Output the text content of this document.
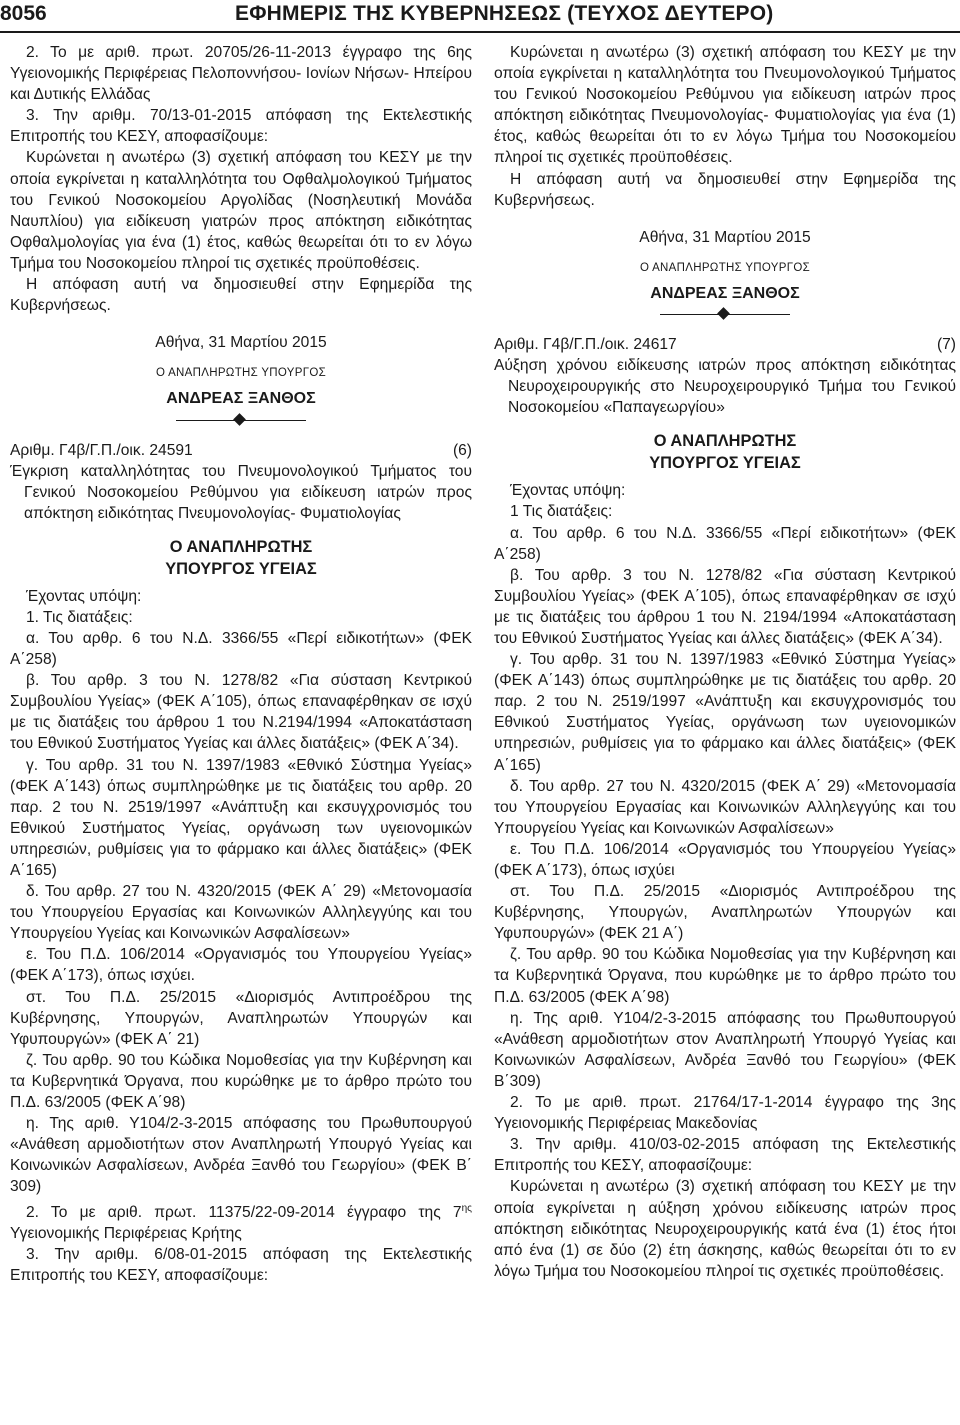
8056	ΕΦΗΜΕΡΙΣ ΤΗΣ ΚΥΒΕΡΝΗΣΕΩΣ (ΤΕΥΧΟΣ ΔΕΥΤΕΡΟ)

2. Το με αριθ. πρωτ. 20705/26-11-2013 έγγραφο της 6ης Υγειονομικής Περιφέρειας Πελοποννήσου- Ιονίων Νήσων- Ηπείρου και Δυτικής Ελλάδας

3. Την αριθμ. 70/13-01-2015 απόφαση της Εκτελεστικής Επιτροπής του ΚΕΣΥ, αποφασίζουμε:

Κυρώνεται η ανωτέρω (3) σχετική απόφαση του ΚΕΣΥ με την οποία εγκρίνεται η καταλληλότητα του Οφθαλμολογικού Τμήματος του Γενικού Νοσοκομείου Αργολίδας (Νοσηλευτική Μονάδα Ναυπλίου) για ειδίκευση γιατρών προς απόκτηση ειδικότητας Οφθαλμολογίας για ένα (1) έτος, καθώς θεωρείται ότι το εν λόγω Τμήμα του Νοσοκομείου πληροί τις σχετικές προϋποθέσεις.

Η απόφαση αυτή να δημοσιευθεί στην Εφημερίδα της Κυβερνήσεως.

Αθήνα, 31 Μαρτίου 2015

Ο ΑΝΑΠΛΗΡΩΤΗΣ ΥΠΟΥΡΓΟΣ

ΑΝΔΡΕΑΣ ΞΑΝΘΟΣ

Αριθμ. Γ4β/Γ.Π./οικ. 24591	(6)

Έγκριση καταλληλότητας του Πνευμονολογικού Τμήματος του Γενικού Νοσοκομείου Ρεθύμνου για ειδίκευση ιατρών προς απόκτηση ειδικότητας Πνευμονολογίας- Φυματιολογίας

Ο ΑΝΑΠΛΗΡΩΤΗΣ
ΥΠΟΥΡΓΟΣ ΥΓΕΙΑΣ

Έχοντας υπόψη:

1. Τις διατάξεις:

α. Του αρθρ. 6 του Ν.Δ. 3366/55 «Περί ειδικοτήτων» (ΦΕΚ Α΄258)

β. Του αρθρ. 3 του Ν. 1278/82 «Για σύσταση Κεντρικού Συμβουλίου Υγείας» (ΦΕΚ Α΄105), όπως επαναφέρθηκαν σε ισχύ με τις διατάξεις του άρθρου 1 του Ν.2194/1994 «Αποκατάσταση του Εθνικού Συστήματος Υγείας και άλλες διατάξεις» (ΦΕΚ Α΄34).

γ. Του αρθρ. 31 του Ν. 1397/1983 «Εθνικό Σύστημα Υγείας» (ΦΕΚ Α΄143) όπως συμπληρώθηκε με τις διατάξεις του αρθρ. 20 παρ. 2 του Ν. 2519/1997 «Ανάπτυξη και εκσυγχρονισμός του Εθνικού Συστήματος Υγείας, οργάνωση των υγειονομικών υπηρεσιών, ρυθμίσεις για το φάρμακο και άλλες διατάξεις» (ΦΕΚ Α΄165)

δ. Του αρθρ. 27 του Ν. 4320/2015 (ΦΕΚ Α΄ 29) «Μετονομασία του Υπουργείου Εργασίας και Κοινωνικών Αλληλεγγύης και του Υπουργείου Υγείας και Κοινωνικών Ασφαλίσεων»

ε. Του Π.Δ. 106/2014 «Οργανισμός του Υπουργείου Υγείας» (ΦΕΚ Α΄173), όπως ισχύει.

στ. Του Π.Δ. 25/2015 «Διορισμός Αντιπροέδρου της Κυβέρνησης, Υπουργών, Αναπληρωτών Υπουργών και Υφυπουργών» (ΦΕΚ Α΄ 21)

ζ. Του αρθρ. 90 του Κώδικα Νομοθεσίας για την Κυβέρνηση και τα Κυβερνητικά Όργανα, που κυρώθηκε με το άρθρο πρώτο του Π.Δ. 63/2005 (ΦΕΚ Α΄98)

η. Της αριθ. Υ104/2-3-2015 απόφασης του Πρωθυπουργού «Ανάθεση αρμοδιοτήτων στον Αναπληρωτή Υπουργό Υγείας και Κοινωνικών Ασφαλίσεων, Ανδρέα Ξανθό του Γεωργίου» (ΦΕΚ Β΄ 309)

2. Το με αριθ. πρωτ. 11375/22-09-2014 έγγραφο της $7^{\eta\varsigma}$ Υγειονομικής Περιφέρειας Κρήτης

3. Την αριθμ. 6/08-01-2015 απόφαση της Εκτελεστικής Επιτροπής του ΚΕΣΥ, αποφασίζουμε:

Κυρώνεται η ανωτέρω (3) σχετική απόφαση του ΚΕΣΥ με την οποία εγκρίνεται η καταλληλότητα του Πνευμονολογικού Τμήματος του Γενικού Νοσοκομείου Ρεθύμνου για ειδίκευση ιατρών προς απόκτηση ειδικότητας Πνευμονολογίας- Φυματιολογίας για ένα (1) έτος, καθώς θεωρείται ότι το εν λόγω Τμήμα του Νοσοκομείου πληροί τις σχετικές προϋποθέσεις.

Η απόφαση αυτή να δημοσιευθεί στην Εφημερίδα της Κυβερνήσεως.

Αθήνα, 31 Μαρτίου 2015

Ο ΑΝΑΠΛΗΡΩΤΗΣ ΥΠΟΥΡΓΟΣ

ΑΝΔΡΕΑΣ ΞΑΝΘΟΣ

Αριθμ. Γ4β/Γ.Π./οικ. 24617	(7)

Αύξηση χρόνου ειδίκευσης ιατρών προς απόκτηση ειδικότητας Νευροχειρουργικής στο Νευροχειρουργικό Τμήμα του Γενικού Νοσοκομείου «Παπαγεωργίου»

Ο ΑΝΑΠΛΗΡΩΤΗΣ
ΥΠΟΥΡΓΟΣ ΥΓΕΙΑΣ

Έχοντας υπόψη:

1 Τις διατάξεις:

α. Του αρθρ. 6 του Ν.Δ. 3366/55 «Περί ειδικοτήτων» (ΦΕΚ Α΄258)

β. Του αρθρ. 3 του Ν. 1278/82 «Για σύσταση Κεντρικού Συμβουλίου Υγείας» (ΦΕΚ Α΄105), όπως επαναφέρθηκαν σε ισχύ με τις διατάξεις του άρθρου 1 του Ν. 2194/1994 «Αποκατάσταση του Εθνικού Συστήματος Υγείας και άλλες διατάξεις» (ΦΕΚ Α΄34).

γ. Του αρθρ. 31 του Ν. 1397/1983 «Εθνικό Σύστημα Υγείας» (ΦΕΚ Α΄143) όπως συμπληρώθηκε με τις διατάξεις του αρθρ. 20 παρ. 2 του Ν. 2519/1997 «Ανάπτυξη και εκσυγχρονισμός του Εθνικού Συστήματος Υγείας, οργάνωση των υγειονομικών υπηρεσιών, ρυθμίσεις για το φάρμακο και άλλες διατάξεις» (ΦΕΚ Α΄165)

δ. Του αρθρ. 27 του Ν. 4320/2015 (ΦΕΚ Α΄ 29) «Μετονομασία του Υπουργείου Εργασίας και Κοινωνικών Αλληλεγγύης και του Υπουργείου Υγείας και Κοινωνικών Ασφαλίσεων»

ε. Του Π.Δ. 106/2014 «Οργανισμός του Υπουργείου Υγείας» (ΦΕΚ Α΄173), όπως ισχύει

στ. Του Π.Δ. 25/2015 «Διορισμός Αντιπροέδρου της Κυβέρνησης, Υπουργών, Αναπληρωτών Υπουργών και Υφυπουργών» (ΦΕΚ 21 Α΄)

ζ. Του αρθρ. 90 του Κώδικα Νομοθεσίας για την Κυβέρνηση και τα Κυβερνητικά Όργανα, που κυρώθηκε με το άρθρο πρώτο του Π.Δ. 63/2005 (ΦΕΚ Α΄98)

η. Της αριθ. Υ104/2-3-2015 απόφασης του Πρωθυπουργού «Ανάθεση αρμοδιοτήτων στον Αναπληρωτή Υπουργό Υγείας και Κοινωνικών Ασφαλίσεων, Ανδρέα Ξανθό του Γεωργίου» (ΦΕΚ Β΄309)

2. Το με αριθ. πρωτ. 21764/17-1-2014 έγγραφο της 3ης Υγειονομικής Περιφέρειας Μακεδονίας

3. Την αριθμ. 410/03-02-2015 απόφαση της Εκτελεστικής Επιτροπής του ΚΕΣΥ, αποφασίζουμε:

Κυρώνεται η ανωτέρω (3) σχετική απόφαση του ΚΕΣΥ με την οποία εγκρίνεται η αύξηση χρόνου ειδίκευσης ιατρών προς απόκτηση ειδικότητας Νευροχειρουργικής κατά ένα (1) έτος ήτοι από ένα (1) σε δύο (2) έτη άσκησης, καθώς θεωρείται ότι το εν λόγω Τμήμα του Νοσοκομείου πληροί τις σχετικές προϋποθέσεις.
